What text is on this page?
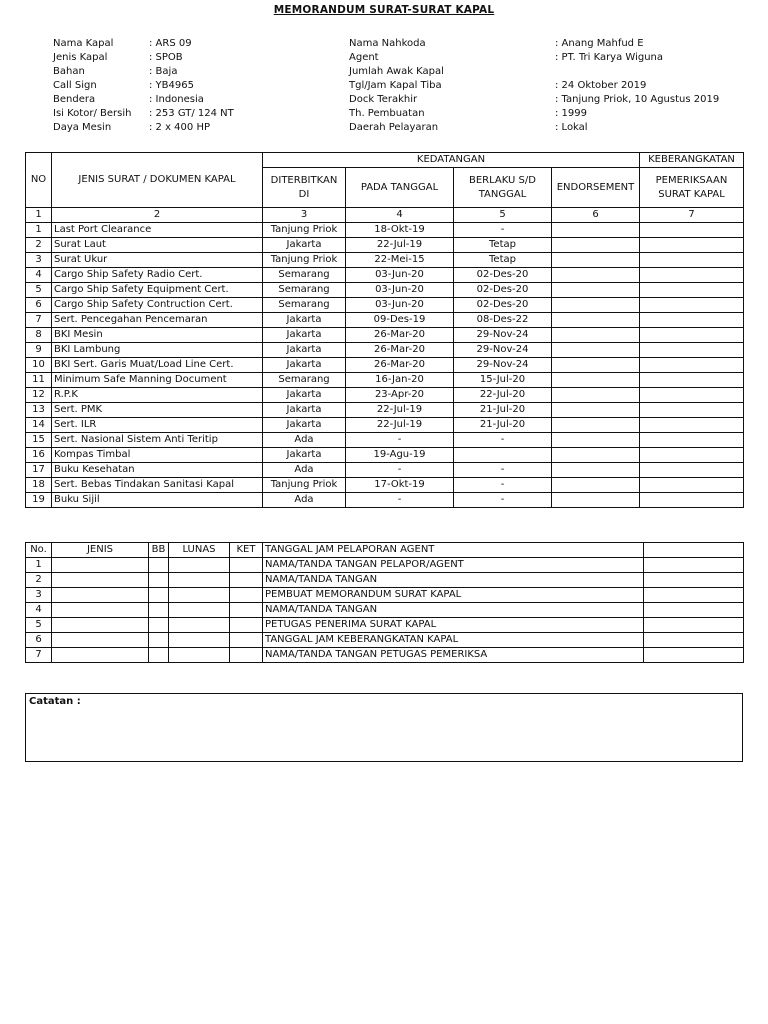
MEMORANDUM SURAT-SURAT KAPAL
Nama Kapal	: ARS 09
Jenis Kapal	: SPOB
Bahan	: Baja
Call Sign	: YB4965
Bendera	: Indonesia
Isi Kotor/ Bersih	: 253 GT/ 124 NT
Daya Mesin	: 2 x 400 HP
Nama Nahkoda	: Anang Mahfud E
Agent	: PT. Tri Karya Wiguna
Jumlah Awak Kapal
Tgl/Jam Kapal Tiba	: 24 Oktober 2019
Dock Terakhir	: Tanjung Priok, 10 Agustus 2019
Th. Pembuatan	: 1999
Daerah Pelayaran	: Lokal
NO	JENIS SURAT / DOKUMEN KAPAL	KEDATANGAN				KEBERANGKATAN
		DITERBITKAN DI	PADA TANGGAL	BERLAKU S/D TANGGAL	ENDORSEMENT	PEMERIKSAAN SURAT KAPAL
1	2	3	4	5	6	7
1	Last Port Clearance	Tanjung Priok	18-Okt-19	-		
2	Surat Laut	Jakarta	22-Jul-19	Tetap		
3	Surat Ukur	Tanjung Priok	22-Mei-15	Tetap		
4	Cargo Ship Safety Radio Cert.	Semarang	03-Jun-20	02-Des-20		
5	Cargo Ship Safety Equipment Cert.	Semarang	03-Jun-20	02-Des-20		
6	Cargo Ship Safety Contruction Cert.	Semarang	03-Jun-20	02-Des-20		
7	Sert. Pencegahan Pencemaran	Jakarta	09-Des-19	08-Des-22		
8	BKI Mesin	Jakarta	26-Mar-20	29-Nov-24		
9	BKI Lambung	Jakarta	26-Mar-20	29-Nov-24		
10	BKI Sert. Garis Muat/Load Line Cert.	Jakarta	26-Mar-20	29-Nov-24		
11	Minimum Safe Manning Document	Semarang	16-Jan-20	15-Jul-20		
12	R.P.K	Jakarta	23-Apr-20	22-Jul-20		
13	Sert. PMK	Jakarta	22-Jul-19	21-Jul-20		
14	Sert. ILR	Jakarta	22-Jul-19	21-Jul-20		
15	Sert. Nasional Sistem Anti Teritip	Ada	-	-		
16	Kompas Timbal	Jakarta	19-Agu-19			
17	Buku Kesehatan	Ada	-	-		
18	Sert. Bebas Tindakan Sanitasi Kapal	Tanjung Priok	17-Okt-19	-		
19	Buku Sijil	Ada	-	-		
No.	JENIS	BB	LUNAS	KET	TANGGAL JAM PELAPORAN AGENT	
1					NAMA/TANDA TANGAN PELAPOR/AGENT	
2					NAMA/TANDA TANGAN	
3					PEMBUAT MEMORANDUM SURAT KAPAL	
4					NAMA/TANDA TANGAN	
5					PETUGAS PENERIMA SURAT KAPAL	
6					TANGGAL JAM KEBERANGKATAN KAPAL	
7					NAMA/TANDA TANGAN PETUGAS PEMERIKSA	
Catatan :
